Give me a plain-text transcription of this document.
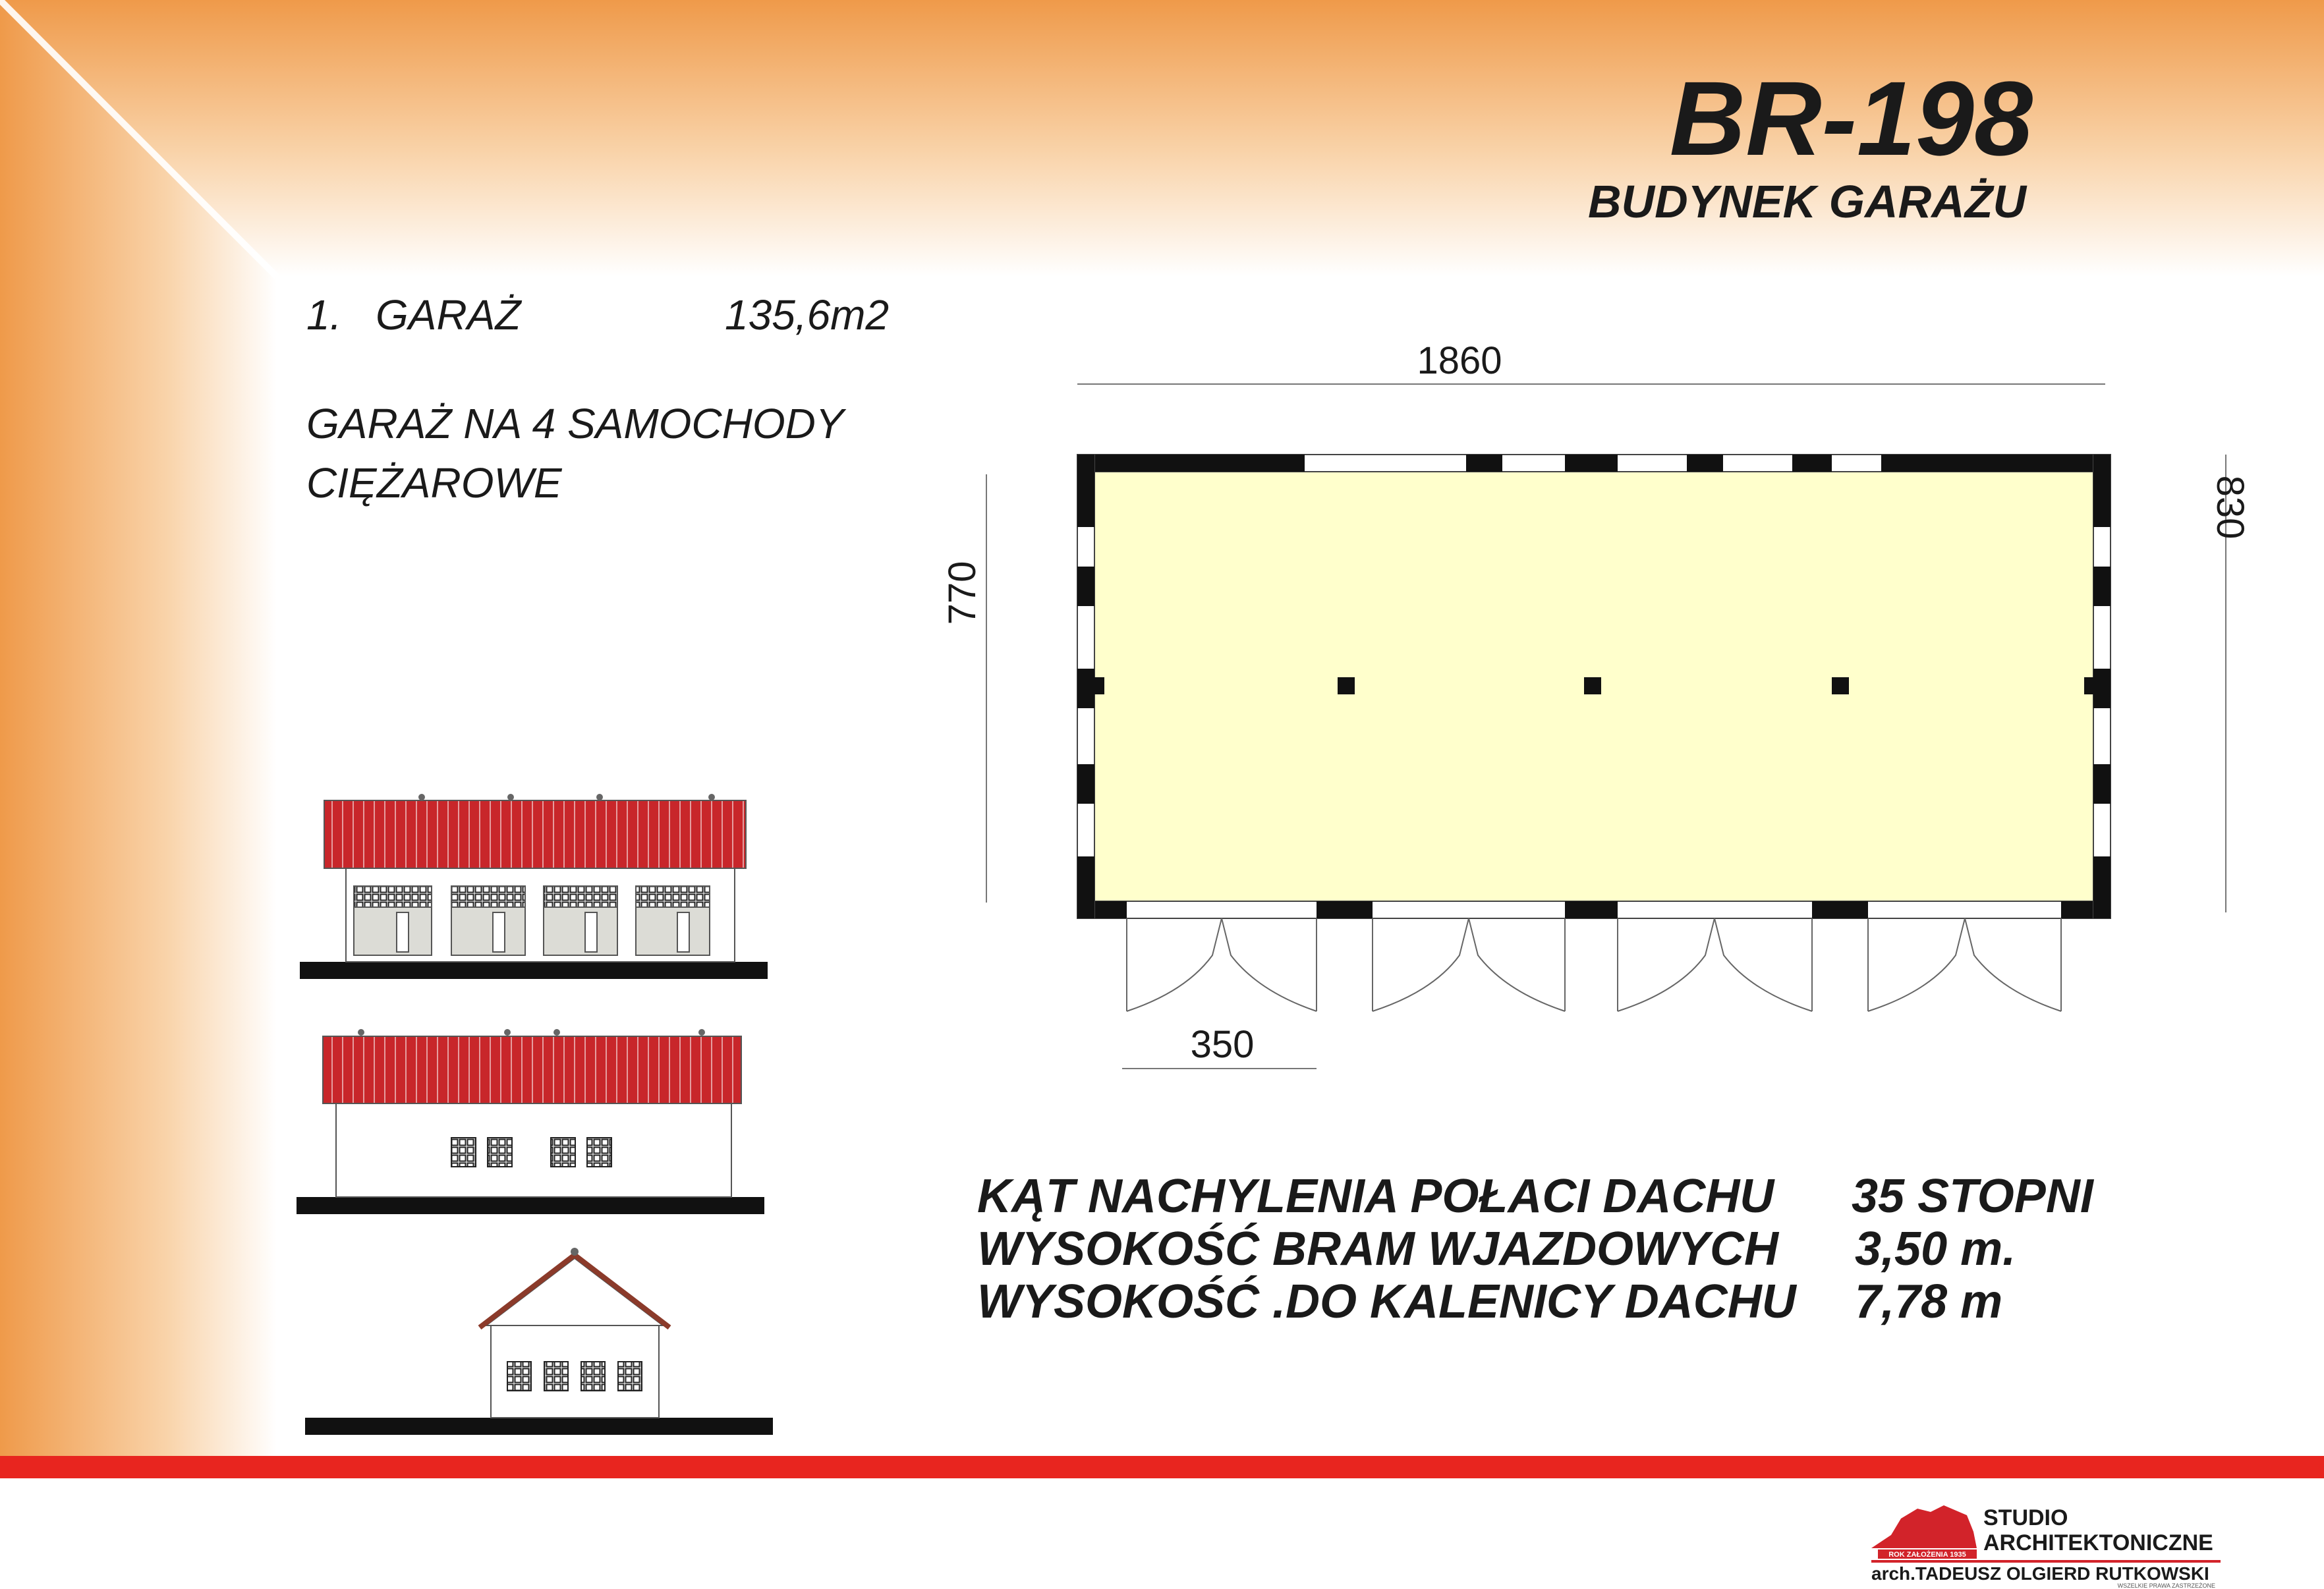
BR-198
BUDYNEK GARAŻU
1. GARAŻ	135,6m2
GARAŻ NA 4 SAMOCHODY
CIĘŻAROWE
1860
770
830
350
KĄT NACHYLENIA POŁACI DACHU 35 STOPNI
WYSOKOŚĆ BRAM WJAZDOWYCH 3,50 m.
WYSOKOŚĆ .DO KALENICY DACHU 7,78 m
ROK ZAŁOŻENIA 1935
STUDIO
ARCHITEKTONICZNE
arch.TADEUSZ OLGIERD RUTKOWSKI
WSZELKIE PRAWA ZASTRZEŻONE
